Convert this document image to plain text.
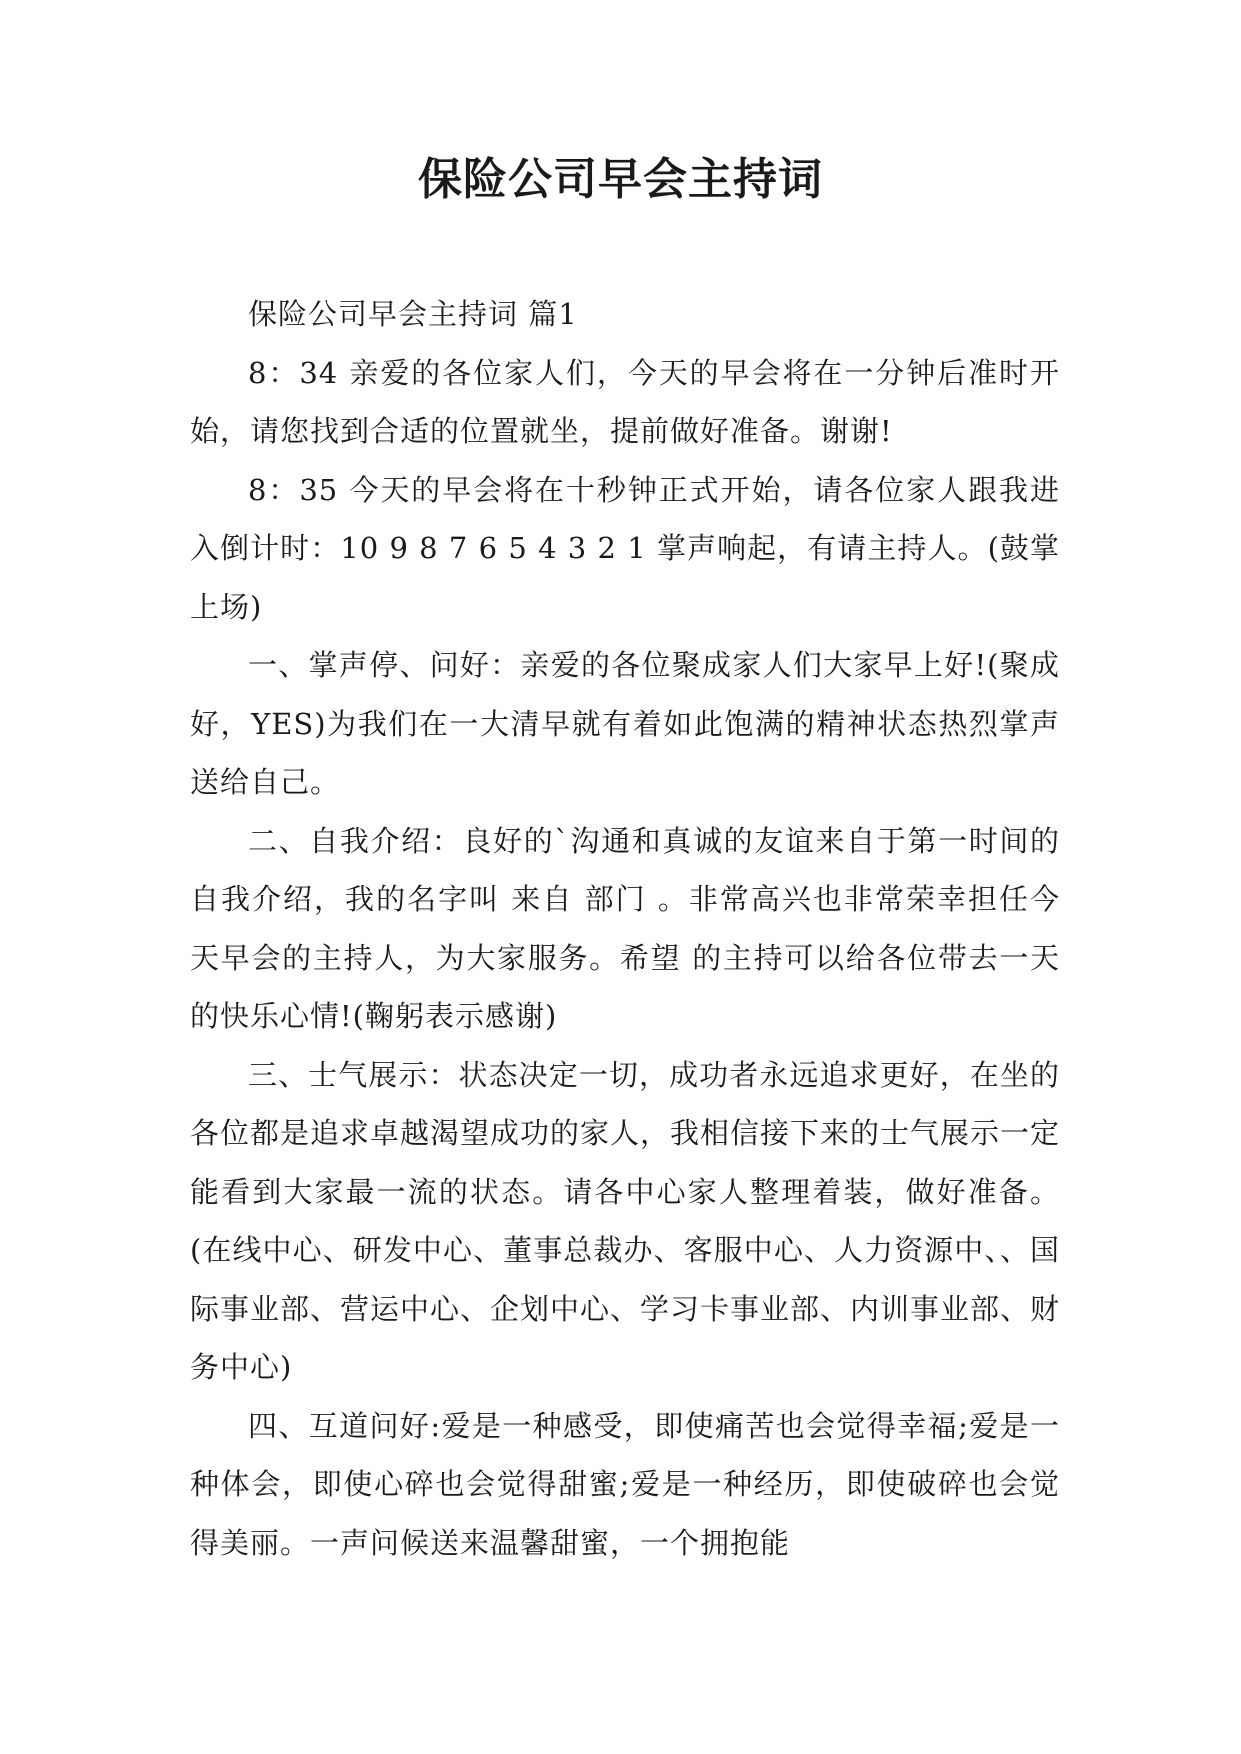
保险公司早会主持词

保险公司早会主持词 篇1

8：34 亲爱的各位家人们，今天的早会将在一分钟后准时开始，请您找到合适的位置就坐，提前做好准备。谢谢!

8：35 今天的早会将在十秒钟正式开始，请各位家人跟我进入倒计时：10 9 8 7 6 5 4 3 2 1 掌声响起，有请主持人。(鼓掌上场)

一、掌声停、问好：亲爱的各位聚成家人们大家早上好!(聚成好，YES)为我们在一大清早就有着如此饱满的精神状态热烈掌声送给自己。

二、自我介绍：良好的`沟通和真诚的友谊来自于第一时间的自我介绍，我的名字叫 来自 部门 。非常高兴也非常荣幸担任今天早会的主持人，为大家服务。希望 的主持可以给各位带去一天的快乐心情!(鞠躬表示感谢)

三、士气展示：状态决定一切，成功者永远追求更好，在坐的各位都是追求卓越渴望成功的家人，我相信接下来的士气展示一定能看到大家最一流的状态。请各中心家人整理着装，做好准备。(在线中心、研发中心、董事总裁办、客服中心、人力资源中、、国际事业部、营运中心、企划中心、学习卡事业部、内训事业部、财务中心)

四、互道问好:爱是一种感受，即使痛苦也会觉得幸福;爱是一种体会，即使心碎也会觉得甜蜜;爱是一种经历，即使破碎也会觉得美丽。一声问候送来温馨甜蜜，一个拥抱能
